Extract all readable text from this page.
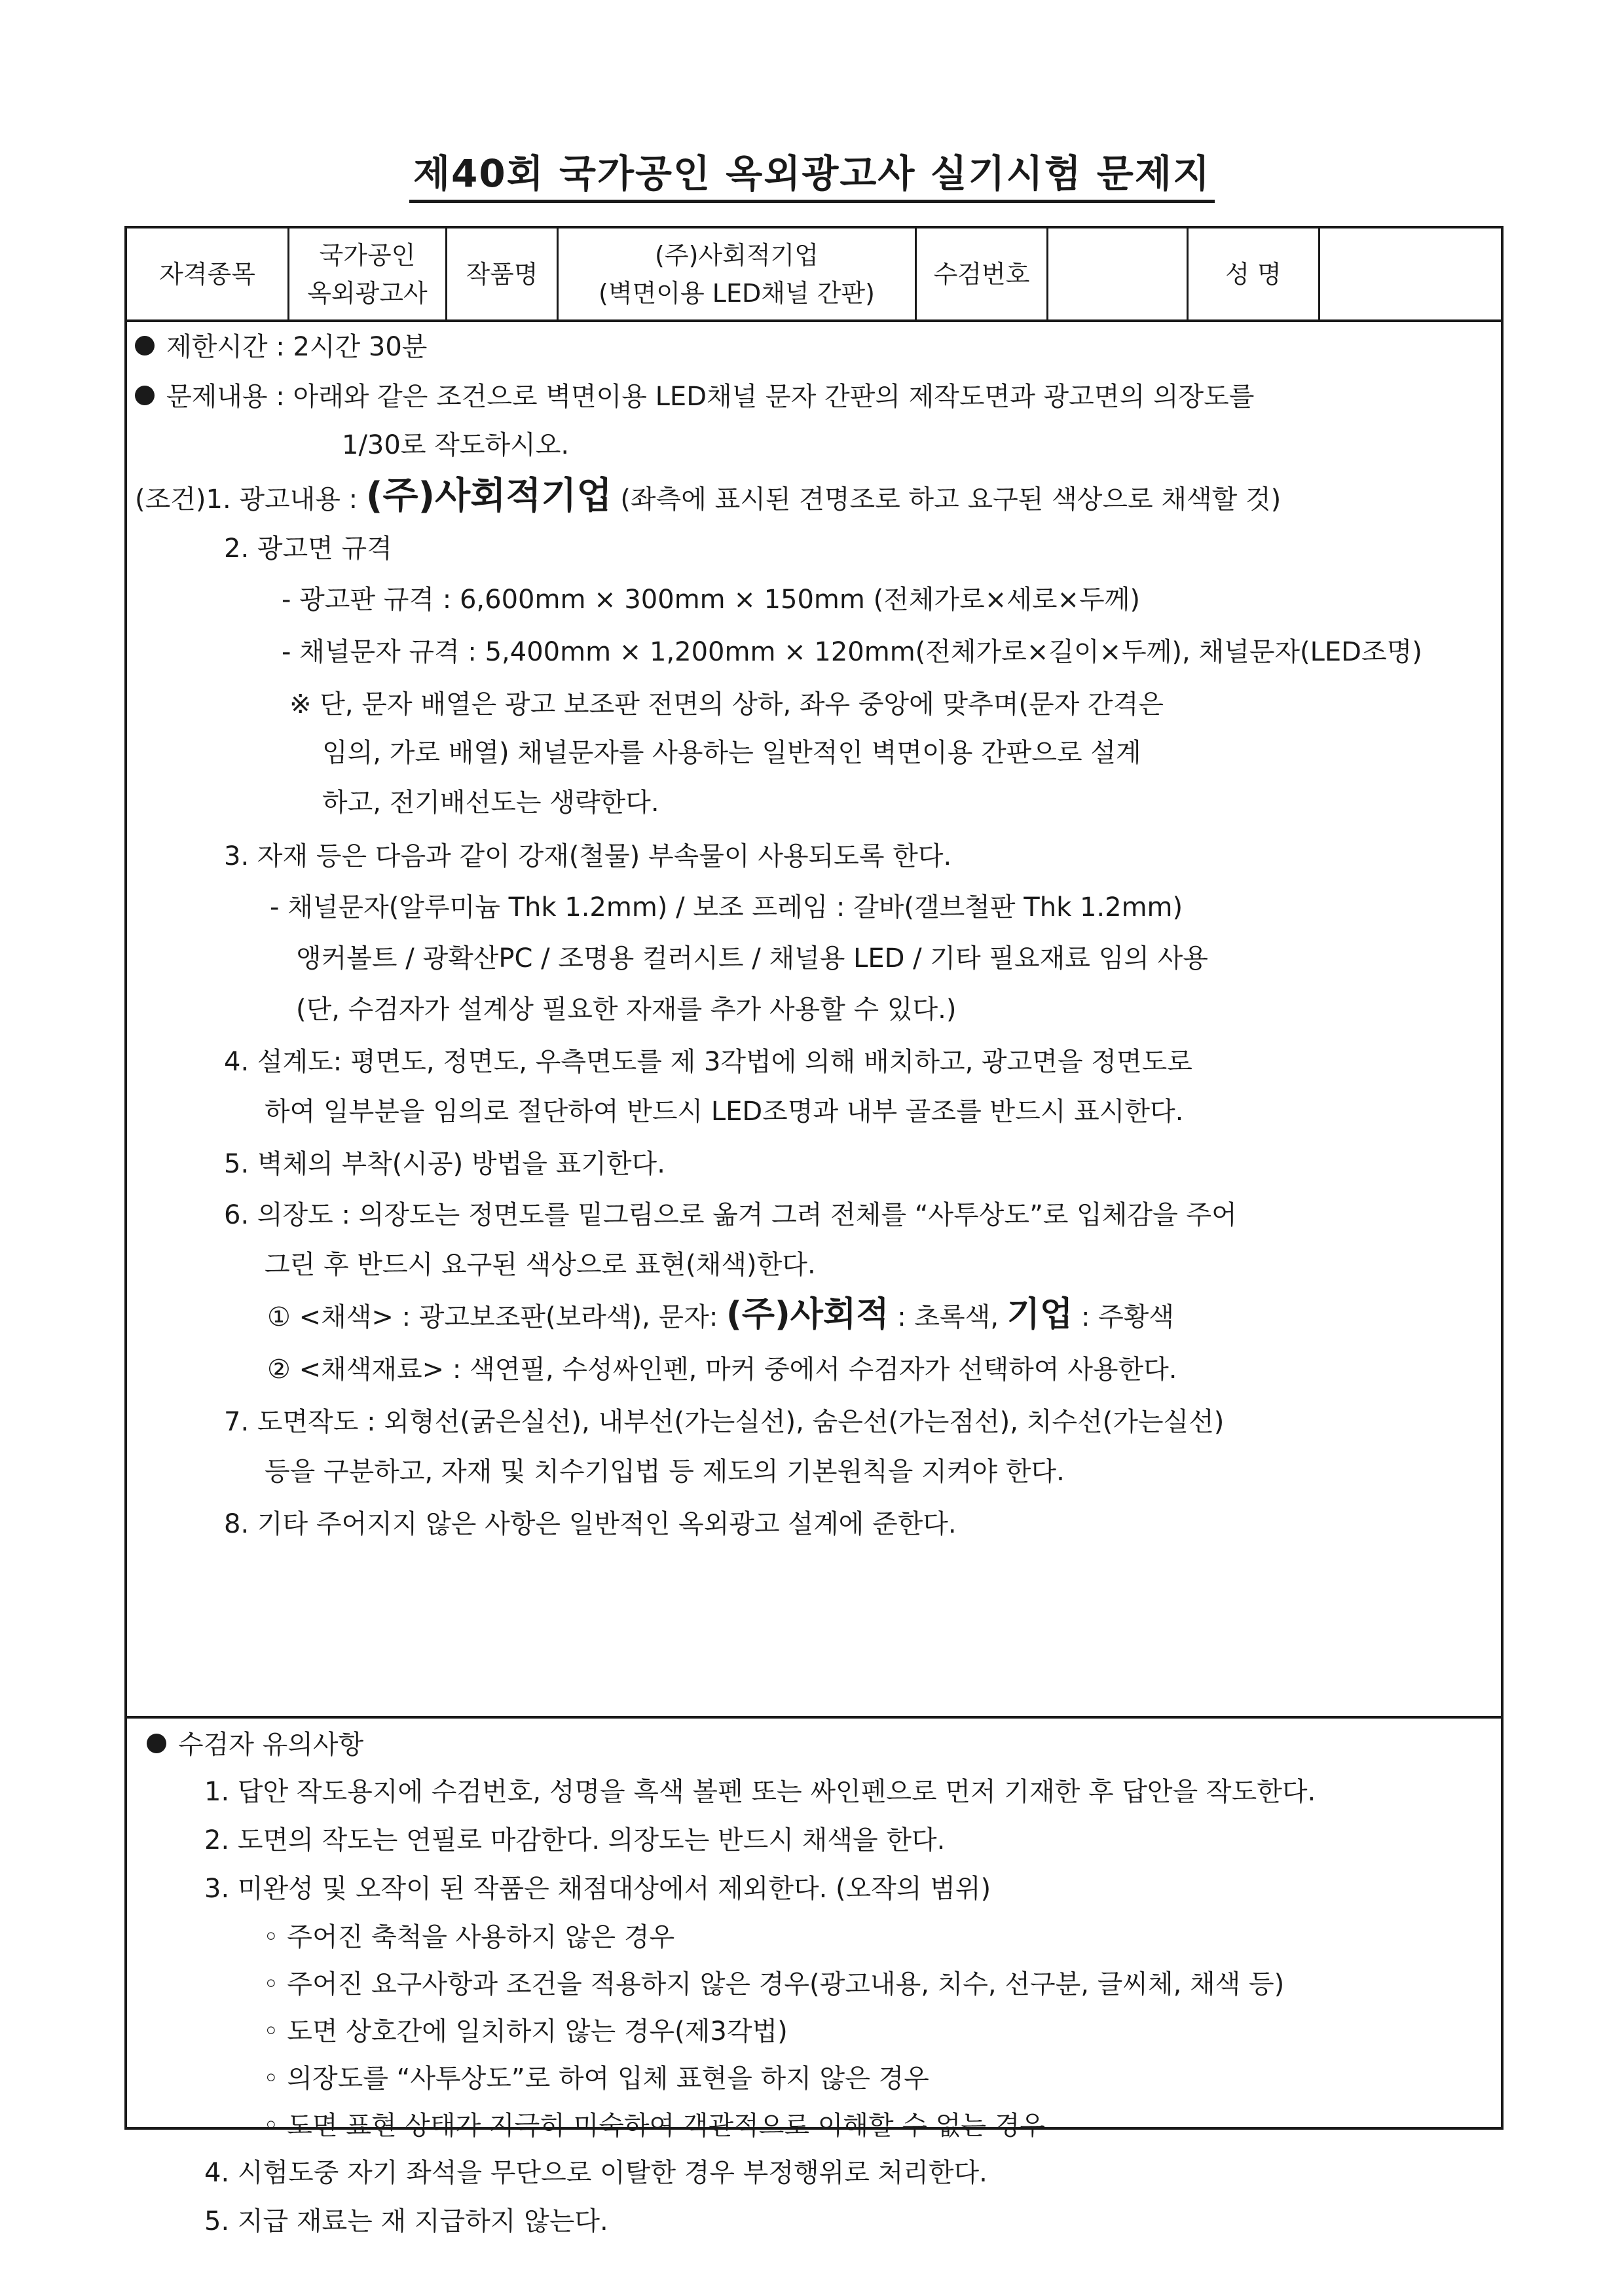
제40회 국가공인 옥외광고사 실기시험 문제지
자격종목
국가공인
옥외광고사
작품명
(주)사회적기업
(벽면이용 LED채널 간판)
수검번호	성 명
제한시간 : 2시간 30분
문제내용 : 아래와 같은 조건으로 벽면이용 LED채널 문자 간판의 제작도면과 광고면의 의장도를
1/30로 작도하시오.
(조건)1. 광고내용 : (주)사회적기업 (좌측에 표시된 견명조로 하고 요구된 색상으로 채색할 것)
2. 광고면 규격
- 광고판 규격 : 6,600mm × 300mm × 150mm (전체가로×세로×두께)
- 채널문자 규격 : 5,400mm × 1,200mm × 120mm(전체가로×길이×두께), 채널문자(LED조명)
※ 단, 문자 배열은 광고 보조판 전면의 상하, 좌우 중앙에 맞추며(문자 간격은
임의, 가로 배열) 채널문자를 사용하는 일반적인 벽면이용 간판으로 설계
하고, 전기배선도는 생략한다.
3. 자재 등은 다음과 같이 강재(철물) 부속물이 사용되도록 한다.
- 채널문자(알루미늄 Thk 1.2mm) / 보조 프레임 : 갈바(갤브철판 Thk 1.2mm)
앵커볼트 / 광확산PC / 조명용 컬러시트 / 채널용 LED / 기타 필요재료 임의 사용
(단, 수검자가 설계상 필요한 자재를 추가 사용할 수 있다.)
4. 설계도: 평면도, 정면도, 우측면도를 제 3각법에 의해 배치하고, 광고면을 정면도로
하여 일부분을 임의로 절단하여 반드시 LED조명과 내부 골조를 반드시 표시한다.
5. 벽체의 부착(시공) 방법을 표기한다.
6. 의장도 : 의장도는 정면도를 밑그림으로 옮겨 그려 전체를 “사투상도”로 입체감을 주어
그린 후 반드시 요구된 색상으로 표현(채색)한다.
① <채색> : 광고보조판(보라색), 문자: (주)사회적 : 초록색, 기업 : 주황색
② <채색재료> : 색연필, 수성싸인펜, 마커 중에서 수검자가 선택하여 사용한다.
7. 도면작도 : 외형선(굵은실선), 내부선(가는실선), 숨은선(가는점선), 치수선(가는실선)
등을 구분하고, 자재 및 치수기입법 등 제도의 기본원칙을 지켜야 한다.
8. 기타 주어지지 않은 사항은 일반적인 옥외광고 설계에 준한다.
수검자 유의사항
1. 답안 작도용지에 수검번호, 성명을 흑색 볼펜 또는 싸인펜으로 먼저 기재한 후 답안을 작도한다.
2. 도면의 작도는 연필로 마감한다. 의장도는 반드시 채색을 한다.
3. 미완성 및 오작이 된 작품은 채점대상에서 제외한다. (오작의 범위)
◦ 주어진 축척을 사용하지 않은 경우
◦ 주어진 요구사항과 조건을 적용하지 않은 경우(광고내용, 치수, 선구분, 글씨체, 채색 등)
◦ 도면 상호간에 일치하지 않는 경우(제3각법)
◦ 의장도를 “사투상도”로 하여 입체 표현을 하지 않은 경우
◦ 도면 표현 상태가 지극히 미숙하여 객관적으로 이해할 수 없는 경우
4. 시험도중 자기 좌석을 무단으로 이탈한 경우 부정행위로 처리한다.
5. 지급 재료는 재 지급하지 않는다.
